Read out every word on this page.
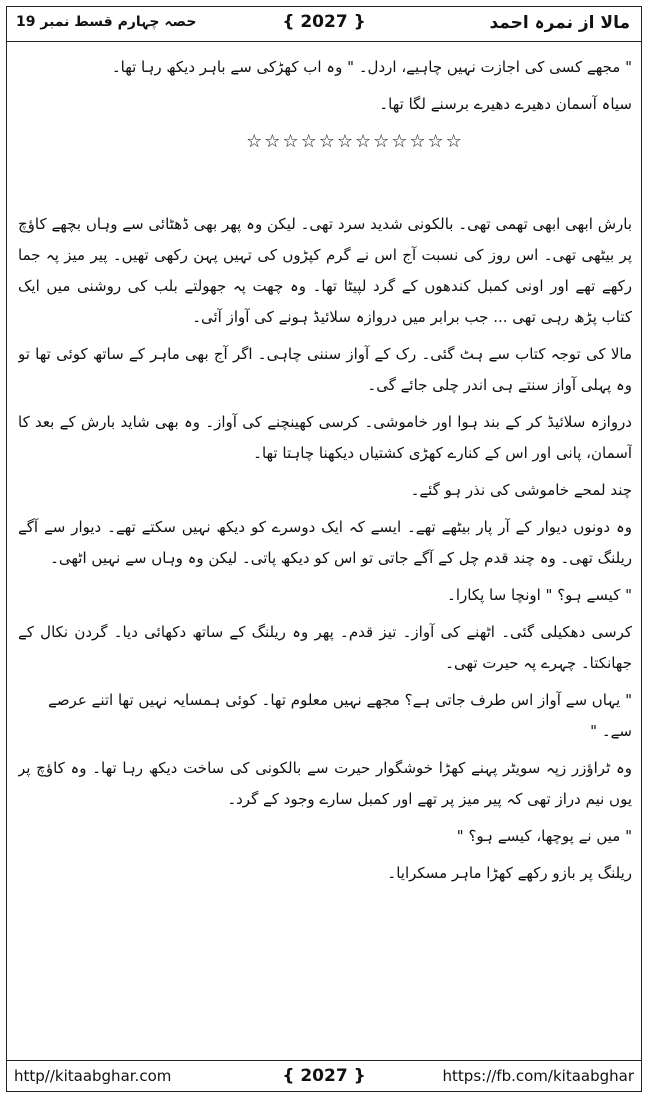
مالا از نمرہ احمد
{ 2027 }
حصہ چہارم قسط نمبر 19

" مجھے کسی کی اجازت نہیں چاہیے، اردل۔ " وہ اب کھڑکی سے باہر دیکھ رہا تھا۔

سیاہ آسمان دھیرے دھیرے برسنے لگا تھا۔

☆☆☆☆☆☆☆☆☆☆☆☆

بارش ابھی ابھی تھمی تھی۔ بالکونی شدید سرد تھی۔ لیکن وہ پھر بھی ڈھٹائی سے وہاں بچھے کاؤچ پر بیٹھی تھی۔ اس روز کی نسبت آج اس نے گرم کپڑوں کی تہیں پہن رکھی تھیں۔ پیر میز پہ جما رکھے تھے اور اونی کمبل کندھوں کے گرد لپیٹا تھا۔ وہ چھت پہ جھولتے بلب کی روشنی میں ایک کتاب پڑھ رہی تھی ... جب برابر میں دروازہ سلائیڈ ہونے کی آواز آئی۔

مالا کی توجہ کتاب سے ہٹ گئی۔ رک کے آواز سننی چاہی۔ اگر آج بھی ماہر کے ساتھ کوئی تھا تو وہ پہلی آواز سنتے ہی اندر چلی جائے گی۔

دروازہ سلائیڈ کر کے بند ہوا اور خاموشی۔ کرسی کھینچنے کی آواز۔ وہ بھی شاید بارش کے بعد کا آسمان، پانی اور اس کے کنارے کھڑی کشتیاں دیکھنا چاہتا تھا۔

چند لمحے خاموشی کی نذر ہو گئے۔

وہ دونوں دیوار کے آر پار بیٹھے تھے۔ ایسے کہ ایک دوسرے کو دیکھ نہیں سکتے تھے۔ دیوار سے آگے ریلنگ تھی۔ وہ چند قدم چل کے آگے جاتی تو اس کو دیکھ پاتی۔ لیکن وہ وہاں سے نہیں اٹھی۔

" کیسے ہو؟ " اونچا سا پکارا۔

کرسی دھکیلی گئی۔ اٹھنے کی آواز۔ تیز قدم۔ پھر وہ ریلنگ کے ساتھ دکھائی دیا۔ گردن نکال کے جھانکتا۔ چہرے پہ حیرت تھی۔

" یہاں سے آواز اس طرف جاتی ہے؟ مجھے نہیں معلوم تھا۔ کوئی ہمسایہ نہیں تھا اتنے عرصے سے۔ "

وہ ٹراؤزر زپہ سویٹر پہنے کھڑا خوشگوار حیرت سے بالکونی کی ساخت دیکھ رہا تھا۔ وہ کاؤچ پر یوں نیم دراز تھی کہ پیر میز پر تھے اور کمبل سارے وجود کے گرد۔

" میں نے پوچھا، کیسے ہو؟ "

ریلنگ پر بازو رکھے کھڑا ماہر مسکرایا۔

http//kitaabghar.com	{ 2027 }	https://fb.com/kitaabghar
